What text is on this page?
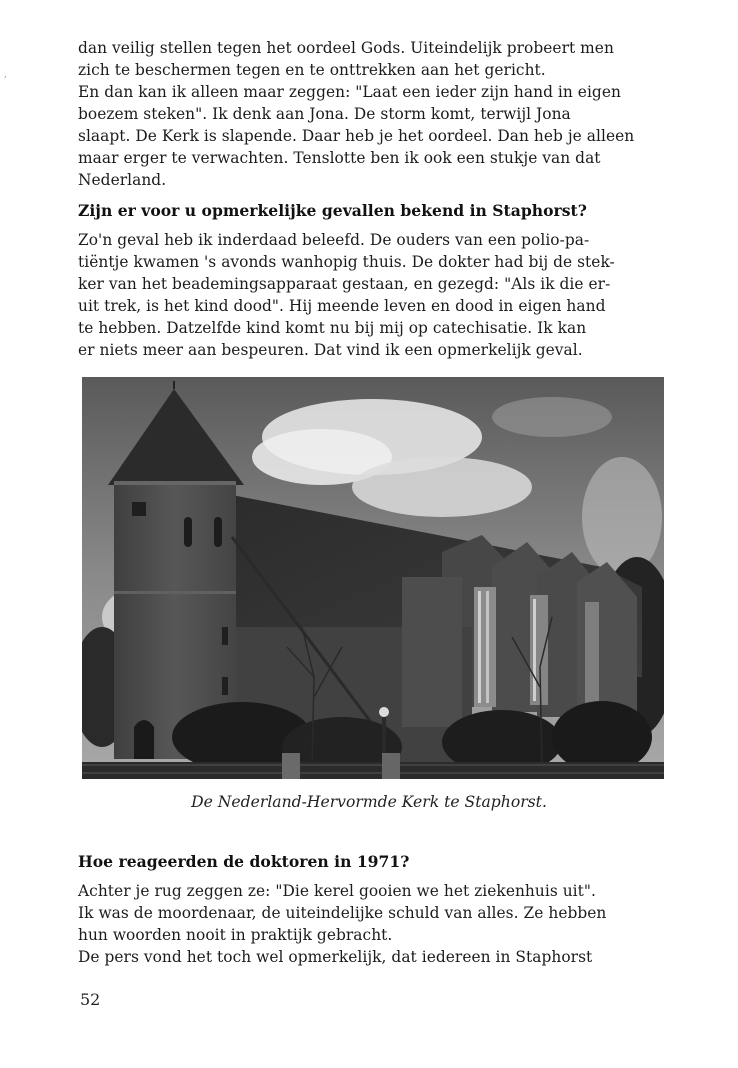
,
dan veilig stellen tegen het oordeel Gods. Uiteindelijk probeert men
zich te beschermen tegen en te onttrekken aan het gericht.
En dan kan ik alleen maar zeggen: "Laat een ieder zijn hand in eigen
boezem steken". Ik denk aan Jona. De storm komt, terwijl Jona
slaapt. De Kerk is slapende. Daar heb je het oordeel. Dan heb je alleen
maar erger te verwachten. Tenslotte ben ik ook een stukje van dat
Nederland.
Zijn er voor u opmerkelijke gevallen bekend in Staphorst?
Zo'n geval heb ik inderdaad beleefd. De ouders van een polio-pa-
tiëntje kwamen 's avonds wanhopig thuis. De dokter had bij de stek-
ker van het beademingsapparaat gestaan, en gezegd: "Als ik die er-
uit trek, is het kind dood". Hij meende leven en dood in eigen hand
te hebben. Datzelfde kind komt nu bij mij op catechisatie. Ik kan
er niets meer aan bespeuren. Dat vind ik een opmerkelijk geval.
De Nederland-Hervormde Kerk te Staphorst.
Hoe reageerden de doktoren in 1971?
Achter je rug zeggen ze: "Die kerel gooien we het ziekenhuis uit".
Ik was de moordenaar, de uiteindelijke schuld van alles. Ze hebben
hun woorden nooit in praktijk gebracht.
De pers vond het toch wel opmerkelijk, dat iedereen in Staphorst
52
